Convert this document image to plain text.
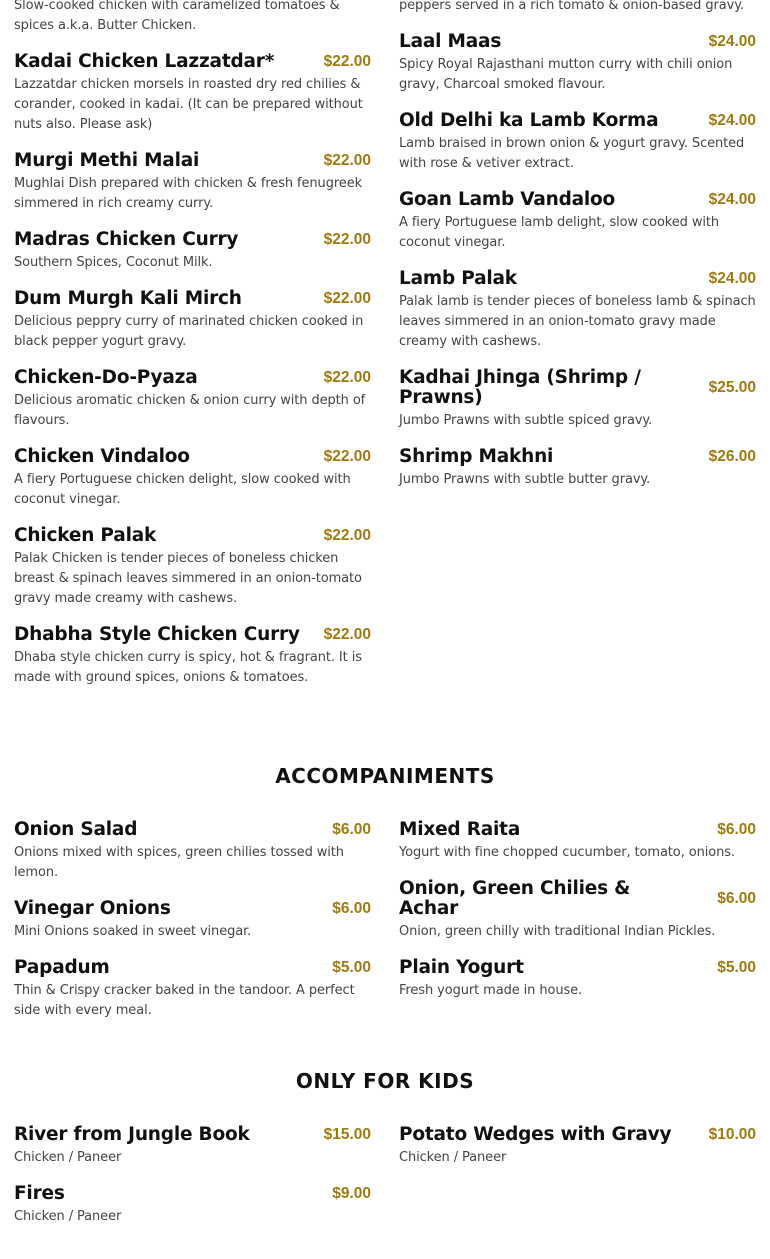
Slow-cooked chicken with caramelized tomatoes & spices a.k.a. Butter Chicken.
Kadai Chicken Lazzatdar*	$22.00
Lazzatdar chicken morsels in roasted dry red chilies & corander, cooked in kadai. (It can be prepared without nuts also. Please ask)
Murgi Methi Malai	$22.00
Mughlai Dish prepared with chicken & fresh fenugreek simmered in rich creamy curry.
Madras Chicken Curry	$22.00
Southern Spices, Coconut Milk.
Dum Murgh Kali Mirch	$22.00
Delicious peppry curry of marinated chicken cooked in black pepper yogurt gravy.
Chicken-Do-Pyaza	$22.00
Delicious aromatic chicken & onion curry with depth of flavours.
Chicken Vindaloo	$22.00
A fiery Portuguese chicken delight, slow cooked with coconut vinegar.
Chicken Palak	$22.00
Palak Chicken is tender pieces of boneless chicken breast & spinach leaves simmered in an onion-tomato gravy made creamy with cashews.
Dhabha Style Chicken Curry $22.00
Dhaba style chicken curry is spicy, hot & fragrant. It is made with ground spices, onions & tomatoes.
peppers served in a rich tomato & onion-based gravy.
Laal Maas	$24.00
Spicy Royal Rajasthani mutton curry with chili onion gravy, Charcoal smoked flavour.
Old Delhi ka Lamb Korma	$24.00
Lamb braised in brown onion & yogurt gravy. Scented with rose & vetiver extract.
Goan Lamb Vandaloo	$24.00
A fiery Portuguese lamb delight, slow cooked with coconut vinegar.
Lamb Palak	$24.00
Palak lamb is tender pieces of boneless lamb & spinach leaves simmered in an onion-tomato gravy made creamy with cashews.
Kadhai Jhinga (Shrimp / Prawns)	$25.00
Jumbo Prawns with subtle spiced gravy.
Shrimp Makhni	$26.00
Jumbo Prawns with subtle butter gravy.
ACCOMPANIMENTS
Onion Salad	$6.00
Onions mixed with spices, green chilies tossed with lemon.
Vinegar Onions	$6.00
Mini Onions soaked in sweet vinegar.
Papadum	$5.00
Thin & Crispy cracker baked in the tandoor. A perfect side with every meal.
Mixed Raita	$6.00
Yogurt with fine chopped cucumber, tomato, onions.
Onion, Green Chilies & Achar	$6.00
Onion, green chilly with traditional Indian Pickles.
Plain Yogurt	$5.00
Fresh yogurt made in house.
ONLY FOR KIDS
River from Jungle Book	$15.00
Chicken / Paneer
Fires	$9.00
Chicken / Paneer
Potato Wedges with Gravy $10.00
Chicken / Paneer
